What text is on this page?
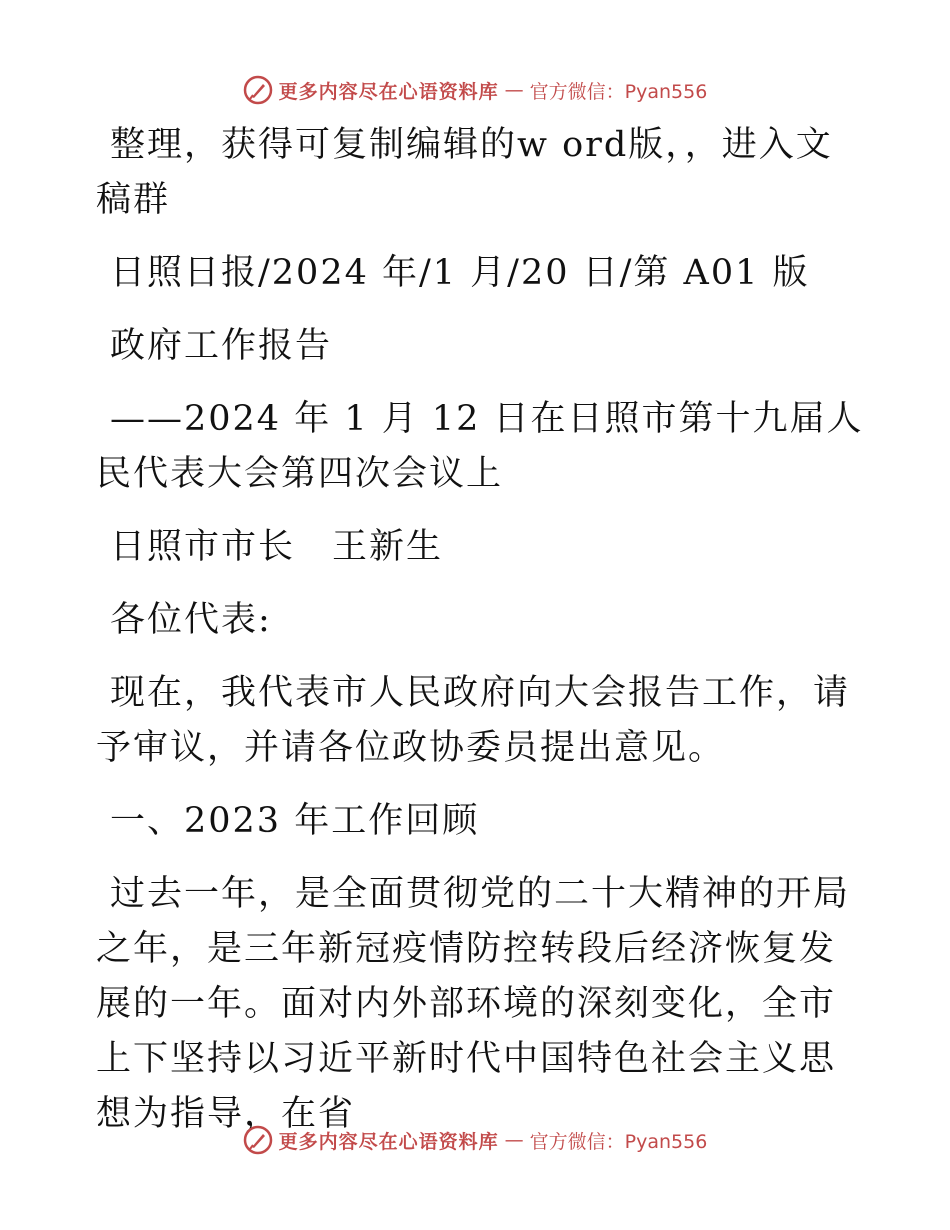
更多内容尽在心语资料库 — 官方微信：Pyan556

整理，获得可复制编辑的w ord版，，进入文稿群

日照日报/2024 年/1 月/20 日/第 A01 版

政府工作报告

——2024 年 1 月 12 日在日照市第十九届人民代表大会第四次会议上

日照市市长　王新生

各位代表:

现在，我代表市人民政府向大会报告工作，请予审议，并请各位政协委员提出意见。

一、2023 年工作回顾

过去一年，是全面贯彻党的二十大精神的开局之年，是三年新冠疫情防控转段后经济恢复发展的一年。面对内外部环境的深刻变化，全市上下坚持以习近平新时代中国特色社会主义思想为指导，在省

更多内容尽在心语资料库 — 官方微信：Pyan556
